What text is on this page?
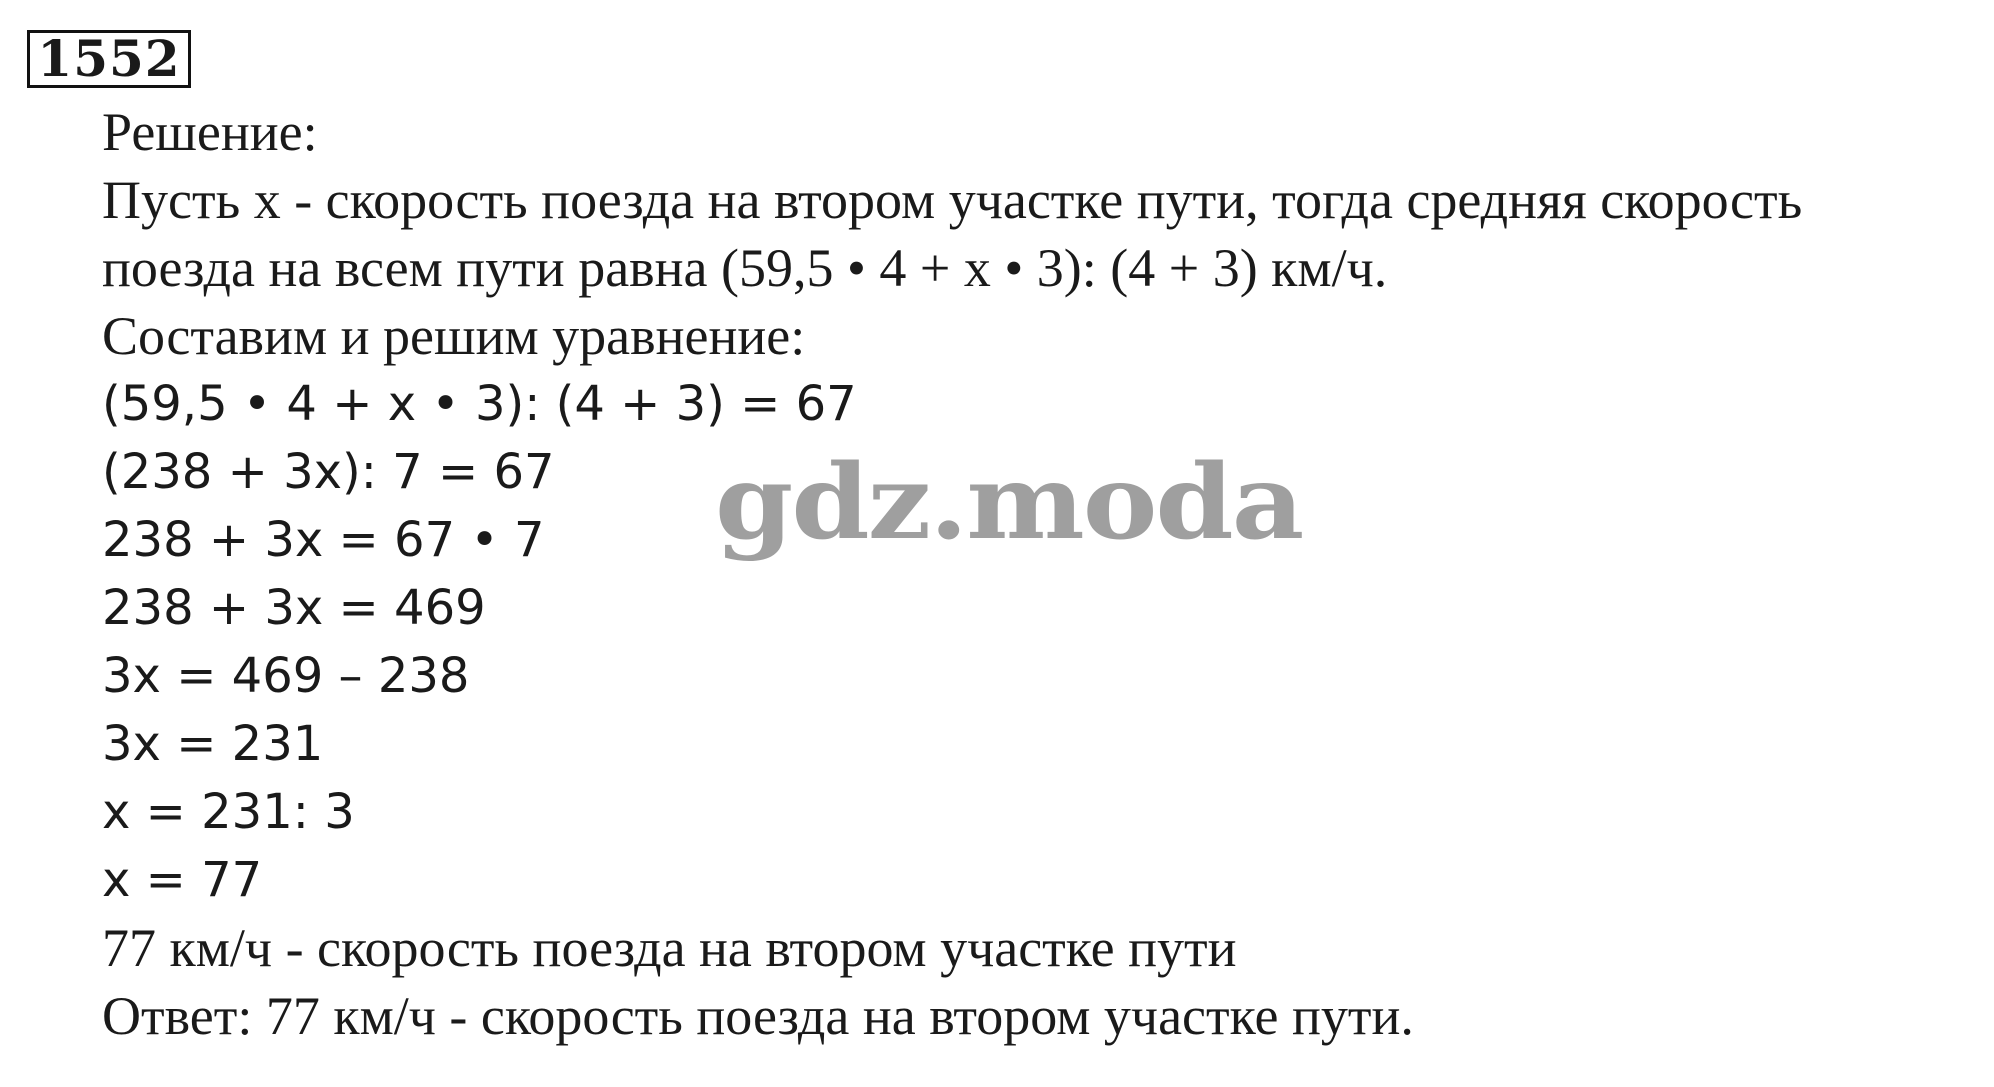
1552
Решение:
Пусть x - скорость поезда на втором участке пути, тогда средняя скорость
поезда на всем пути равна (59,5 • 4 + x • 3): (4 + 3) км/ч.
Составим и решим уравнение:
(59,5 • 4 + x • 3): (4 + 3) = 67
(238 + 3x): 7 = 67
238 + 3x = 67 • 7
238 + 3x = 469
3x = 469 – 238
3x = 231
x = 231: 3
x = 77
77 км/ч - скорость поезда на втором участке пути
Ответ: 77 км/ч - скорость поезда на втором участке пути.
gdz.moda
